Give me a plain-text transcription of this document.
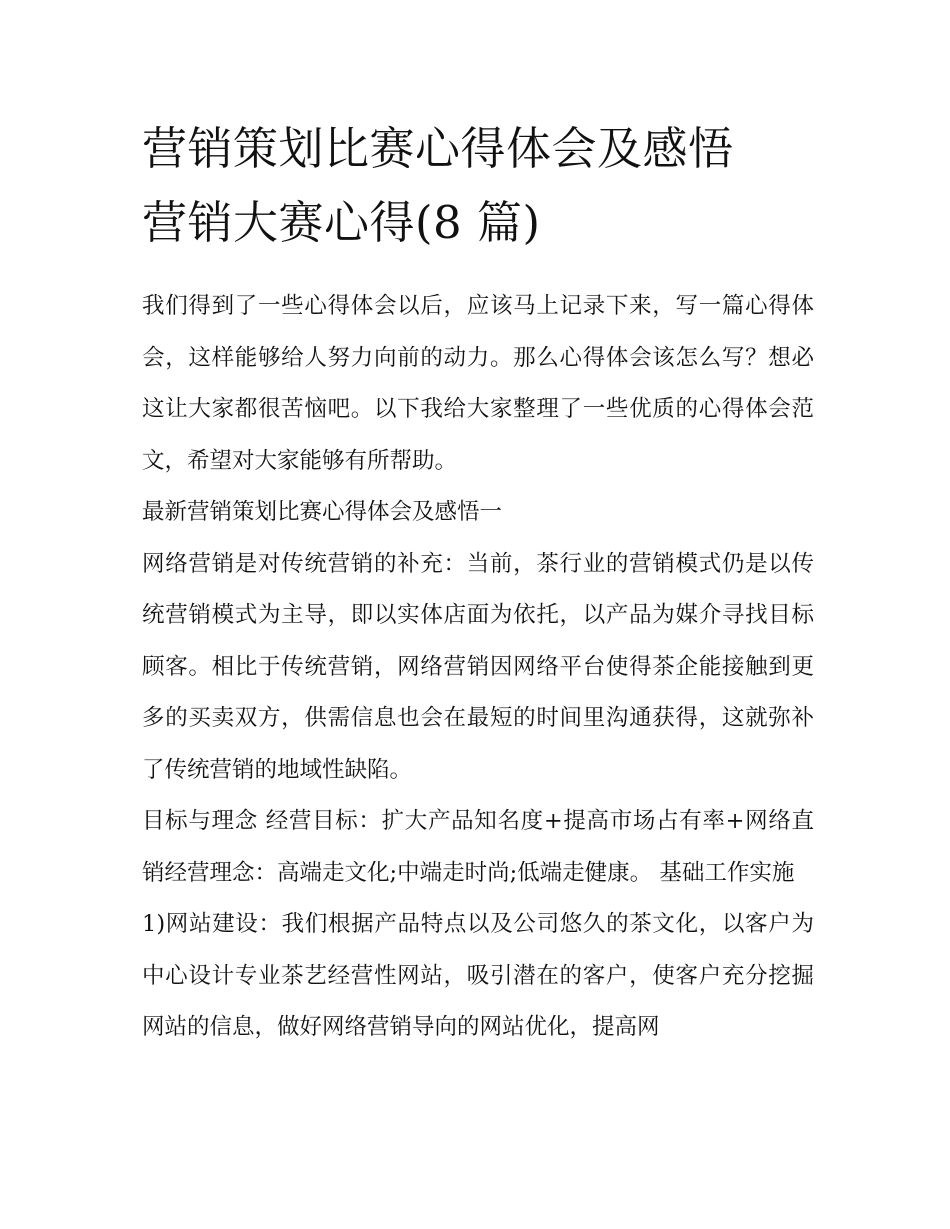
营销策划比赛心得体会及感悟
营销大赛心得(8 篇)

我们得到了一些心得体会以后，应该马上记录下来，写一篇心得体会，这样能够给人努力向前的动力。那么心得体会该怎么写？想必这让大家都很苦恼吧。以下我给大家整理了一些优质的心得体会范文，希望对大家能够有所帮助。

最新营销策划比赛心得体会及感悟一

网络营销是对传统营销的补充：当前，茶行业的营销模式仍是以传统营销模式为主导，即以实体店面为依托，以产品为媒介寻找目标顾客。相比于传统营销，网络营销因网络平台使得茶企能接触到更多的买卖双方，供需信息也会在最短的时间里沟通获得，这就弥补了传统营销的地域性缺陷。

目标与理念 经营目标：扩大产品知名度+提高市场占有率+网络直销经营理念：高端走文化;中端走时尚;低端走健康。 基础工作实施

1)网站建设：我们根据产品特点以及公司悠久的茶文化，以客户为中心设计专业茶艺经营性网站，吸引潜在的客户，使客户充分挖掘网站的信息，做好网络营销导向的网站优化，提高网
